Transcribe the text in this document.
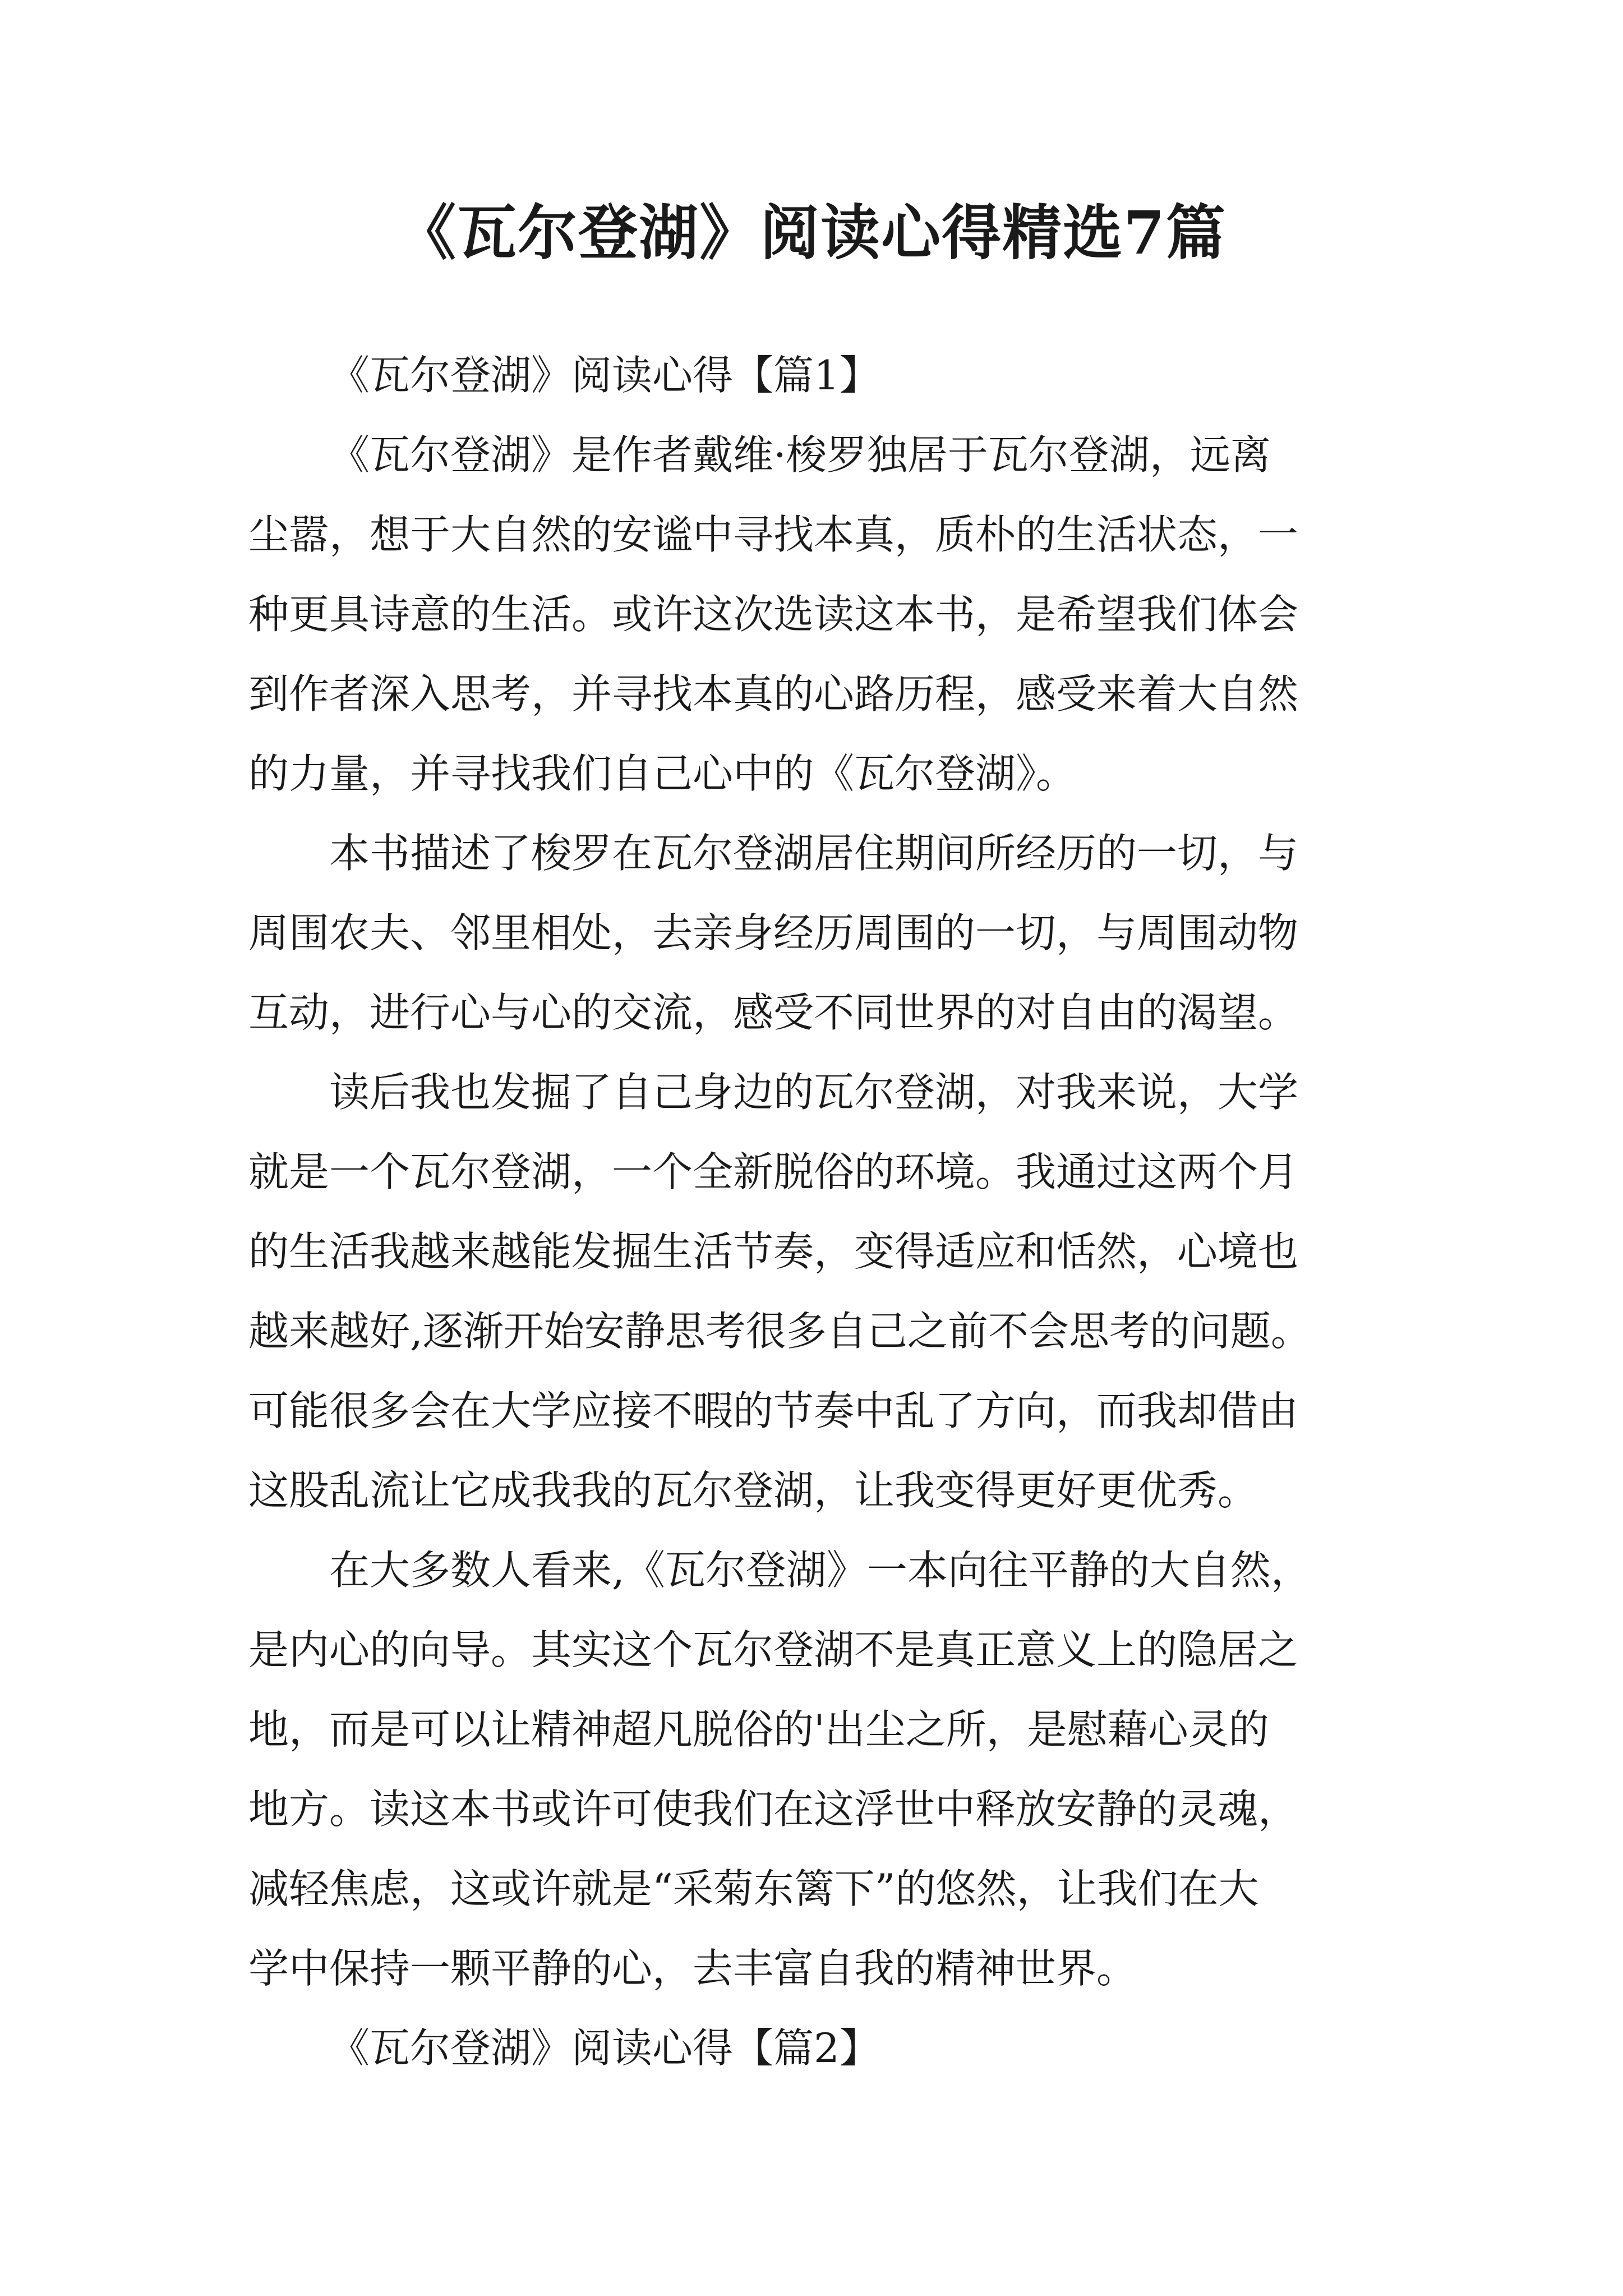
《瓦尔登湖》阅读心得精选7篇

《瓦尔登湖》阅读心得【篇1】

《瓦尔登湖》是作者戴维·梭罗独居于瓦尔登湖，远离
尘嚣，想于大自然的安谧中寻找本真，质朴的生活状态，一
种更具诗意的生活。或许这次选读这本书，是希望我们体会
到作者深入思考，并寻找本真的心路历程，感受来着大自然
的力量，并寻找我们自己心中的《瓦尔登湖》。
本书描述了梭罗在瓦尔登湖居住期间所经历的一切，与
周围农夫、邻里相处，去亲身经历周围的一切，与周围动物
互动，进行心与心的交流，感受不同世界的对自由的渴望。
读后我也发掘了自己身边的瓦尔登湖，对我来说，大学
就是一个瓦尔登湖，一个全新脱俗的环境。我通过这两个月
的生活我越来越能发掘生活节奏，变得适应和恬然，心境也
越来越好,逐渐开始安静思考很多自己之前不会思考的问题。
可能很多会在大学应接不暇的节奏中乱了方向，而我却借由
这股乱流让它成我我的瓦尔登湖，让我变得更好更优秀。
在大多数人看来,《瓦尔登湖》一本向往平静的大自然，
是内心的向导。其实这个瓦尔登湖不是真正意义上的隐居之
地，而是可以让精神超凡脱俗的'出尘之所，是慰藉心灵的
地方。读这本书或许可使我们在这浮世中释放安静的灵魂，
减轻焦虑，这或许就是“采菊东篱下”的悠然，让我们在大
学中保持一颗平静的心，去丰富自我的精神世界。

《瓦尔登湖》阅读心得【篇2】
